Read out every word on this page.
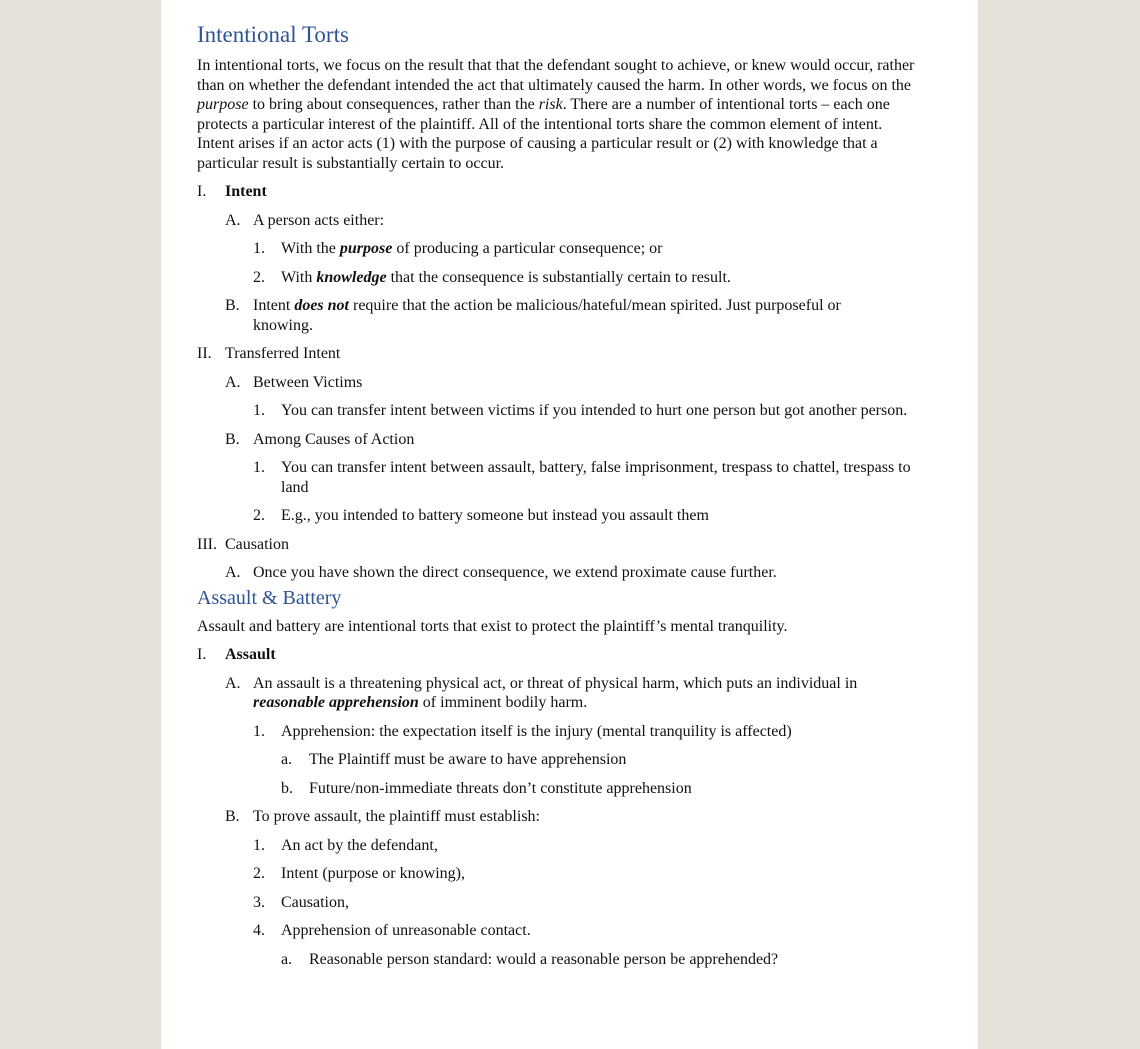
Intentional Torts

In intentional torts, we focus on the result that that the defendant sought to achieve, or knew would occur, rather than on whether the defendant intended the act that ultimately caused the harm. In other words, we focus on the purpose to bring about consequences, rather than the risk. There are a number of intentional torts – each one protects a particular interest of the plaintiff. All of the intentional torts share the common element of intent. Intent arises if an actor acts (1) with the purpose of causing a particular result or (2) with knowledge that a particular result is substantially certain to occur.

I.	Intent
A. A person acts either:
1.	With the purpose of producing a particular consequence; or
2.	With knowledge that the consequence is substantially certain to result.
B. Intent does not require that the action be malicious/hateful/mean spirited. Just purposeful or knowing.
II. Transferred Intent
A. Between Victims
1.	You can transfer intent between victims if you intended to hurt one person but got another person.
B. Among Causes of Action
1.	You can transfer intent between assault, battery, false imprisonment, trespass to chattel, trespass to land
2.	E.g., you intended to battery someone but instead you assault them
III. Causation
A. Once you have shown the direct consequence, we extend proximate cause further.
Assault & Battery

Assault and battery are intentional torts that exist to protect the plaintiff’s mental tranquility.

I.	Assault
A. An assault is a threatening physical act, or threat of physical harm, which puts an individual in reasonable apprehension of imminent bodily harm.
1.	Apprehension: the expectation itself is the injury (mental tranquility is affected)
a.	The Plaintiff must be aware to have apprehension
b.	Future/non-immediate threats don’t constitute apprehension
B. To prove assault, the plaintiff must establish:
1.	An act by the defendant,
2.	Intent (purpose or knowing),
3.	Causation,
4.	Apprehension of unreasonable contact.
a.	Reasonable person standard: would a reasonable person be apprehended?
